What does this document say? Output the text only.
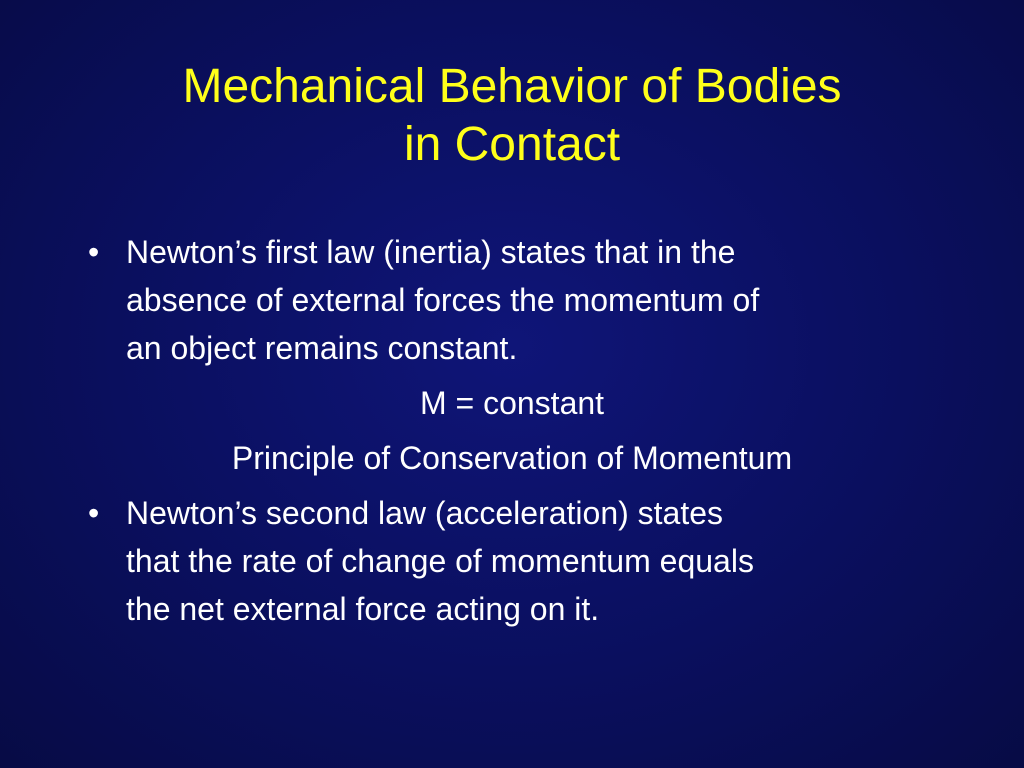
Mechanical Behavior of Bodies
in Contact
• Newton’s first law (inertia) states that in the
absence of external forces the momentum of
an object remains constant.
M = constant
Principle of Conservation of Momentum
• Newton’s second law (acceleration) states
that the rate of change of momentum equals
the net external force acting on it.
